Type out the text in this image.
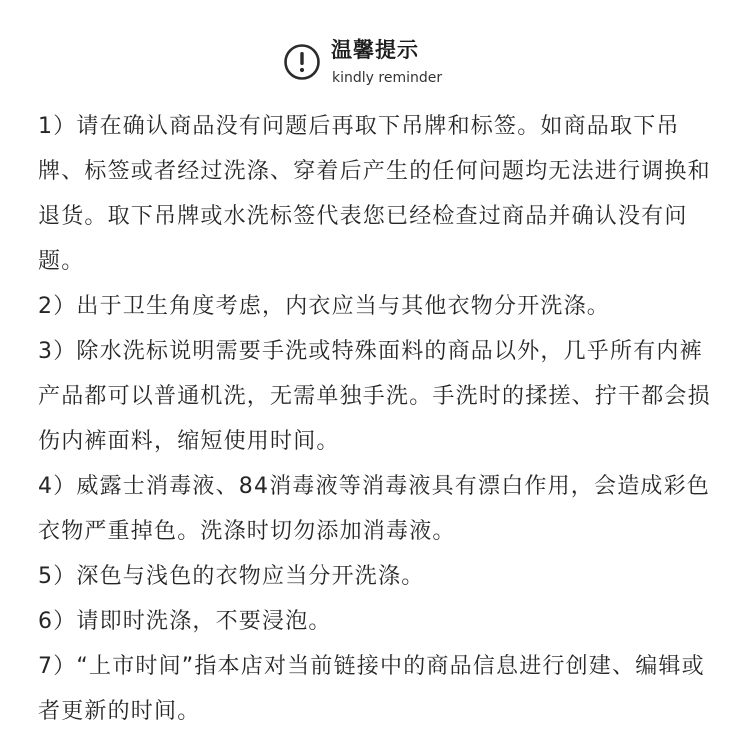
温馨提示
kindly reminder
1）请在确认商品没有问题后再取下吊牌和标签。如商品取下吊牌、标签或者经过洗涤、穿着后产生的任何问题均无法进行调换和退货。取下吊牌或水洗标签代表您已经检查过商品并确认没有问题。
2）出于卫生角度考虑，内衣应当与其他衣物分开洗涤。
3）除水洗标说明需要手洗或特殊面料的商品以外，几乎所有内裤产品都可以普通机洗，无需单独手洗。手洗时的揉搓、拧干都会损伤内裤面料，缩短使用时间。
4）威露士消毒液、84消毒液等消毒液具有漂白作用，会造成彩色衣物严重掉色。洗涤时切勿添加消毒液。
5）深色与浅色的衣物应当分开洗涤。
6）请即时洗涤，不要浸泡。
7）“上市时间”指本店对当前链接中的商品信息进行创建、编辑或者更新的时间。
